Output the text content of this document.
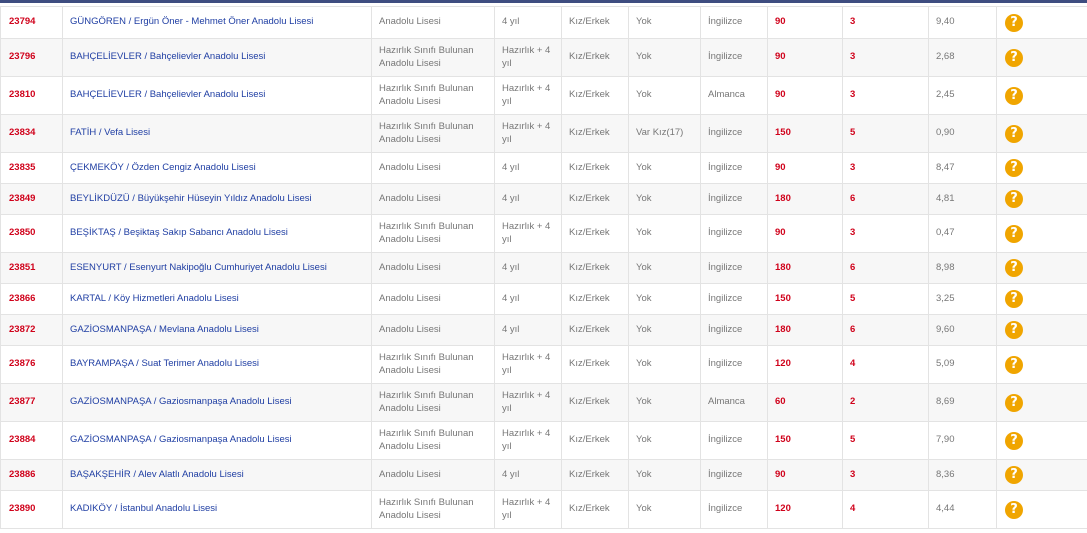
23794	GÜNGÖREN / Ergün Öner - Mehmet Öner Anadolu Lisesi	Anadolu Lisesi	4 yıl	Kız/Erkek	Yok	İngilizce	90	3	9,40	?
23796	BAHÇELİEVLER / Bahçelievler Anadolu Lisesi	Hazırlık Sınıfı Bulunan Anadolu Lisesi	Hazırlık + 4 yıl	Kız/Erkek	Yok	İngilizce	90	3	2,68	?
23810	BAHÇELİEVLER / Bahçelievler Anadolu Lisesi	Hazırlık Sınıfı Bulunan Anadolu Lisesi	Hazırlık + 4 yıl	Kız/Erkek	Yok	Almanca	90	3	2,45	?
23834	FATİH / Vefa Lisesi	Hazırlık Sınıfı Bulunan Anadolu Lisesi	Hazırlık + 4 yıl	Kız/Erkek	Var Kız(17)	İngilizce	150	5	0,90	?
23835	ÇEKMEKÖY / Özden Cengiz Anadolu Lisesi	Anadolu Lisesi	4 yıl	Kız/Erkek	Yok	İngilizce	90	3	8,47	?
23849	BEYLİKDÜZÜ / Büyükşehir Hüseyin Yıldız Anadolu Lisesi	Anadolu Lisesi	4 yıl	Kız/Erkek	Yok	İngilizce	180	6	4,81	?
23850	BEŞİKTAŞ / Beşiktaş Sakıp Sabancı Anadolu Lisesi	Hazırlık Sınıfı Bulunan Anadolu Lisesi	Hazırlık + 4 yıl	Kız/Erkek	Yok	İngilizce	90	3	0,47	?
23851	ESENYURT / Esenyurt Nakipoğlu Cumhuriyet Anadolu Lisesi	Anadolu Lisesi	4 yıl	Kız/Erkek	Yok	İngilizce	180	6	8,98	?
23866	KARTAL / Köy Hizmetleri Anadolu Lisesi	Anadolu Lisesi	4 yıl	Kız/Erkek	Yok	İngilizce	150	5	3,25	?
23872	GAZİOSMANPAŞA / Mevlana Anadolu Lisesi	Anadolu Lisesi	4 yıl	Kız/Erkek	Yok	İngilizce	180	6	9,60	?
23876	BAYRAMPAŞA / Suat Terimer Anadolu Lisesi	Hazırlık Sınıfı Bulunan Anadolu Lisesi	Hazırlık + 4 yıl	Kız/Erkek	Yok	İngilizce	120	4	5,09	?
23877	GAZİOSMANPAŞA / Gaziosmanpaşa Anadolu Lisesi	Hazırlık Sınıfı Bulunan Anadolu Lisesi	Hazırlık + 4 yıl	Kız/Erkek	Yok	Almanca	60	2	8,69	?
23884	GAZİOSMANPAŞA / Gaziosmanpaşa Anadolu Lisesi	Hazırlık Sınıfı Bulunan Anadolu Lisesi	Hazırlık + 4 yıl	Kız/Erkek	Yok	İngilizce	150	5	7,90	?
23886	BAŞAKŞEHİR / Alev Alatlı Anadolu Lisesi	Anadolu Lisesi	4 yıl	Kız/Erkek	Yok	İngilizce	90	3	8,36	?
23890	KADIKÖY / İstanbul Anadolu Lisesi	Hazırlık Sınıfı Bulunan Anadolu Lisesi	Hazırlık + 4 yıl	Kız/Erkek	Yok	İngilizce	120	4	4,44	?
